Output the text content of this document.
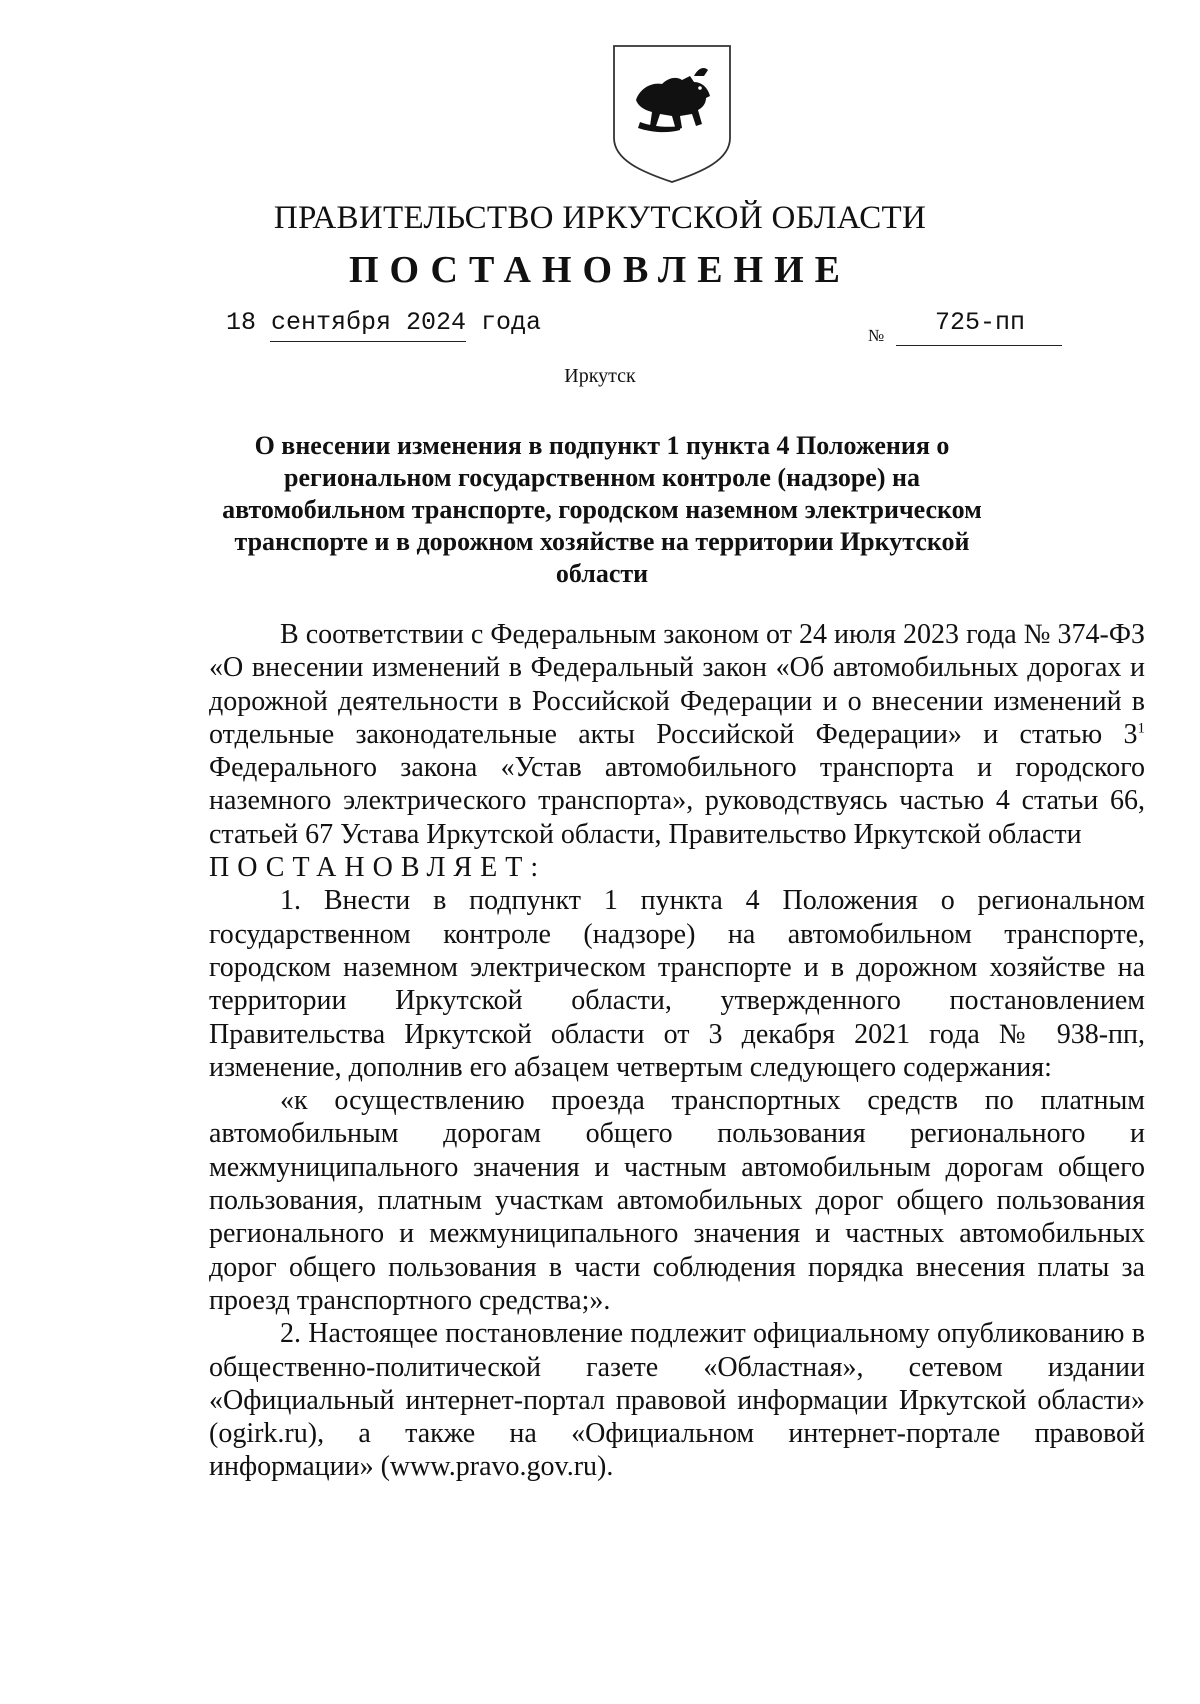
ПРАВИТЕЛЬСТВО ИРКУТСКОЙ ОБЛАСТИ
ПОСТАНОВЛЕНИЕ
18 сентября 2024 года	№ 725-пп
Иркутск
О внесении изменения в подпункт 1 пункта 4 Положения о региональном государственном контроле (надзоре) на автомобильном транспорте, городском наземном электрическом транспорте и в дорожном хозяйстве на территории Иркутской области

В соответствии с Федеральным законом от 24 июля 2023 года № 374-ФЗ «О внесении изменений в Федеральный закон «Об автомобильных дорогах и дорожной деятельности в Российской Федерации и о внесении изменений в отдельные законодательные акты Российской Федерации» и статью $3^1$ Федерального закона «Устав автомобильного транспорта и городского наземного электрического транспорта», руководствуясь частью 4 статьи 66, статьей 67 Устава Иркутской области, Правительство Иркутской области

ПОСТАНОВЛЯЕТ:

1. Внести в подпункт 1 пункта 4 Положения о региональном государственном контроле (надзоре) на автомобильном транспорте, городском наземном электрическом транспорте и в дорожном хозяйстве на территории Иркутской области, утвержденного постановлением Правительства Иркутской области от 3 декабря 2021 года № 938-пп, изменение, дополнив его абзацем четвертым следующего содержания:

«к осуществлению проезда транспортных средств по платным автомобильным дорогам общего пользования регионального и межмуниципального значения и частным автомобильным дорогам общего пользования, платным участкам автомобильных дорог общего пользования регионального и межмуниципального значения и частных автомобильных дорог общего пользования в части соблюдения порядка внесения платы за проезд транспортного средства;».

2. Настоящее постановление подлежит официальному опубликованию в общественно-политической газете «Областная», сетевом издании «Официальный интернет-портал правовой информации Иркутской области» (ogirk.ru), а также на «Официальном интернет-портале правовой информации» (www.pravo.gov.ru).
